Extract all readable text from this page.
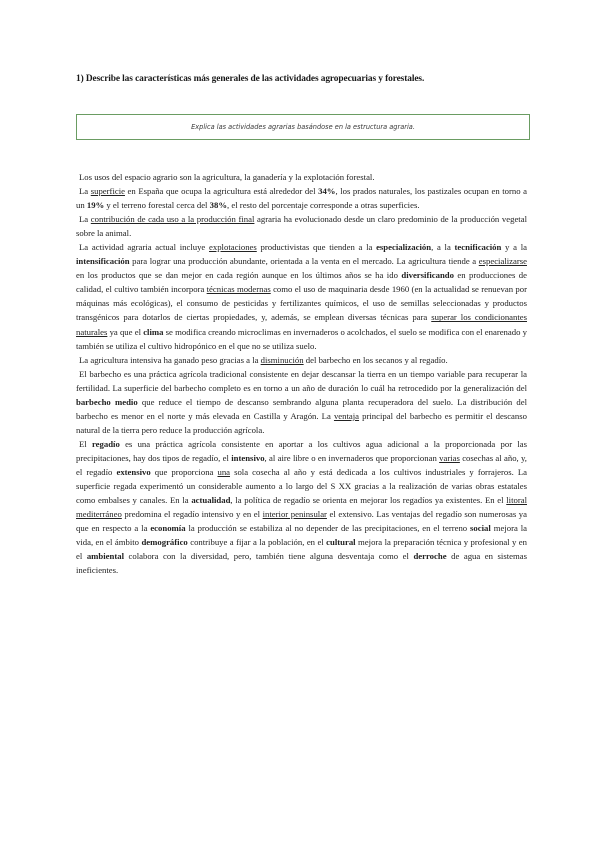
1) Describe las características más generales de las actividades agropecuarias y forestales.
Explica las actividades agrarias basándose en la estructura agraria.

Los usos del espacio agrario son la agricultura, la ganadería y la explotación forestal.

La superficie en España que ocupa la agricultura está alrededor del 34%, los prados naturales, los pastizales ocupan en torno a un 19% y el terreno forestal cerca del 38%, el resto del porcentaje corresponde a otras superficies.

La contribución de cada uso a la producción final agraria ha evolucionado desde un claro predominio de la producción vegetal sobre la animal.

La actividad agraria actual incluye explotaciones productivistas que tienden a la especialización, a la tecnificación y a la intensificación para lograr una producción abundante, orientada a la venta en el mercado. La agricultura tiende a especializarse en los productos que se dan mejor en cada región aunque en los últimos años se ha ido diversificando en producciones de calidad, el cultivo también incorpora técnicas modernas como el uso de maquinaria desde 1960 (en la actualidad se renuevan por máquinas más ecológicas), el consumo de pesticidas y fertilizantes químicos, el uso de semillas seleccionadas y productos transgénicos para dotarlos de ciertas propiedades, y, además, se emplean diversas técnicas para superar los condicionantes naturales ya que el clima se modifica creando microclimas en invernaderos o acolchados, el suelo se modifica con el enarenado y también se utiliza el cultivo hidropónico en el que no se utiliza suelo.

La agricultura intensiva ha ganado peso gracias a la disminución del barbecho en los secanos y al regadío.

El barbecho es una práctica agrícola tradicional consistente en dejar descansar la tierra en un tiempo variable para recuperar la fertilidad. La superficie del barbecho completo es en torno a un año de duración lo cuál ha retrocedido por la generalización del barbecho medio que reduce el tiempo de descanso sembrando alguna planta recuperadora del suelo. La distribución del barbecho es menor en el norte y más elevada en Castilla y Aragón. La ventaja principal del barbecho es permitir el descanso natural de la tierra pero reduce la producción agrícola.

El regadío es una práctica agrícola consistente en aportar a los cultivos agua adicional a la proporcionada por las precipitaciones, hay dos tipos de regadío, el intensivo, al aire libre o en invernaderos que proporcionan varias cosechas al año, y, el regadío extensivo que proporciona una sola cosecha al año y está dedicada a los cultivos industriales y forrajeros. La superficie regada experimentó un considerable aumento a lo largo del S XX gracias a la realización de varias obras estatales como embalses y canales. En la actualidad, la política de regadío se orienta en mejorar los regadíos ya existentes. En el litoral mediterráneo predomina el regadío intensivo y en el interior peninsular el extensivo. Las ventajas del regadío son numerosas ya que en respecto a la economía la producción se estabiliza al no depender de las precipitaciones, en el terreno social mejora la vida, en el ámbito demográfico contribuye a fijar a la población, en el cultural mejora la preparación técnica y profesional y en el ambiental colabora con la diversidad, pero, también tiene alguna desventaja como el derroche de agua en sistemas ineficientes.
